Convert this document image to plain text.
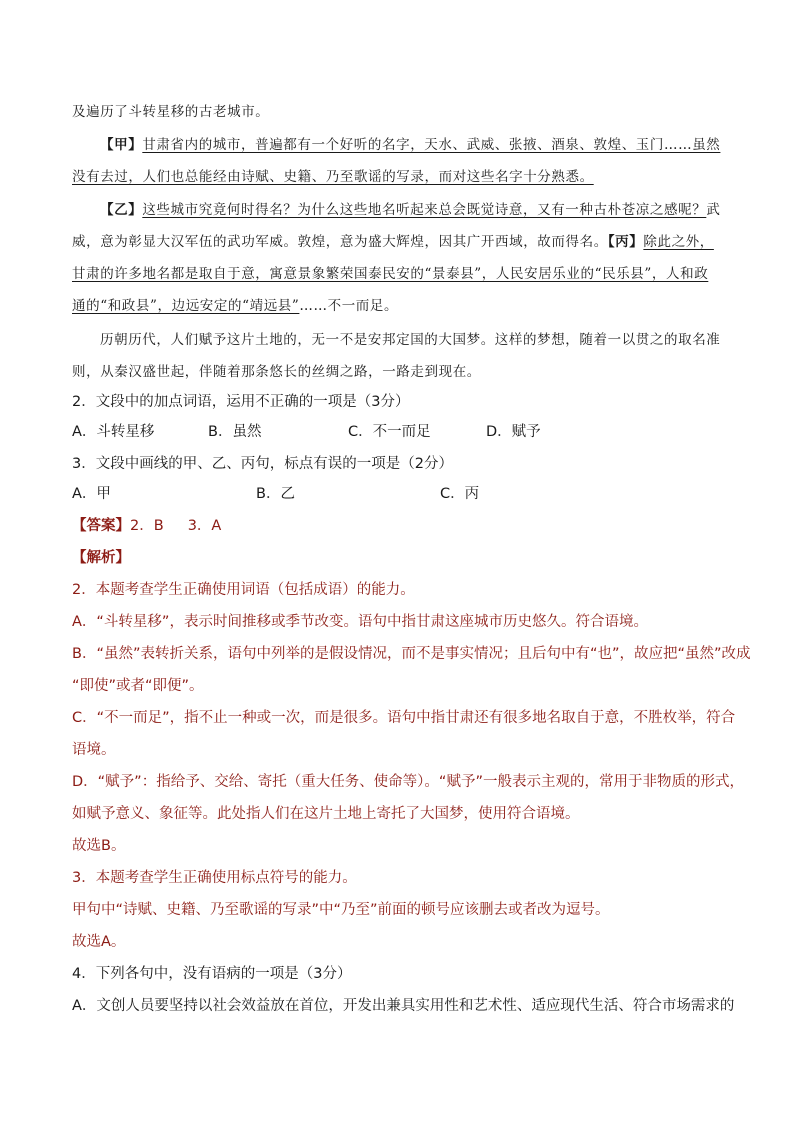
及遍历了斗转星移的古老城市。
【甲】甘肃省内的城市，普遍都有一个好听的名字，天水、武威、张掖、酒泉、敦煌、玉门……虽然
没有去过，人们也总能经由诗赋、史籍、乃至歌谣的写录，而对这些名字十分熟悉。
【乙】这些城市究竟何时得名？为什么这些地名听起来总会既觉诗意，又有一种古朴苍凉之感呢？武
威，意为彰显大汉军伍的武功军威。敦煌，意为盛大辉煌，因其广开西域，故而得名。【丙】除此之外，
甘肃的许多地名都是取自于意，寓意景象繁荣国泰民安的“景泰县”，人民安居乐业的“民乐县”，人和政
通的“和政县”，边远安定的“靖远县”……不一而足。
历朝历代，人们赋予这片土地的，无一不是安邦定国的大国梦。这样的梦想，随着一以贯之的取名准
则，从秦汉盛世起，伴随着那条悠长的丝绸之路，一路走到现在。
2．文段中的加点词语，运用不正确的一项是（3分）
A．斗转星移	B．虽然	C．不一而足	D．赋予
3．文段中画线的甲、乙、丙句，标点有误的一项是（2分）
A．甲	B．乙	C．丙
【答案】2．B 3．A
【解析】
2．本题考查学生正确使用词语（包括成语）的能力。
A．“斗转星移”，表示时间推移或季节改变。语句中指甘肃这座城市历史悠久。符合语境。
B．“虽然”表转折关系，语句中列举的是假设情况，而不是事实情况；且后句中有“也”，故应把“虽然”改成
“即使”或者“即便”。
C．“不一而足”，指不止一种或一次，而是很多。语句中指甘肃还有很多地名取自于意，不胜枚举，符合
语境。
D．“赋予”：指给予、交给、寄托（重大任务、使命等）。“赋予”一般表示主观的，常用于非物质的形式，
如赋予意义、象征等。此处指人们在这片土地上寄托了大国梦，使用符合语境。
故选B。
3．本题考查学生正确使用标点符号的能力。
甲句中“诗赋、史籍、乃至歌谣的写录”中“乃至”前面的顿号应该删去或者改为逗号。
故选A。
4．下列各句中，没有语病的一项是（3分）
A．文创人员要坚持以社会效益放在首位，开发出兼具实用性和艺术性、适应现代生活、符合市场需求的
